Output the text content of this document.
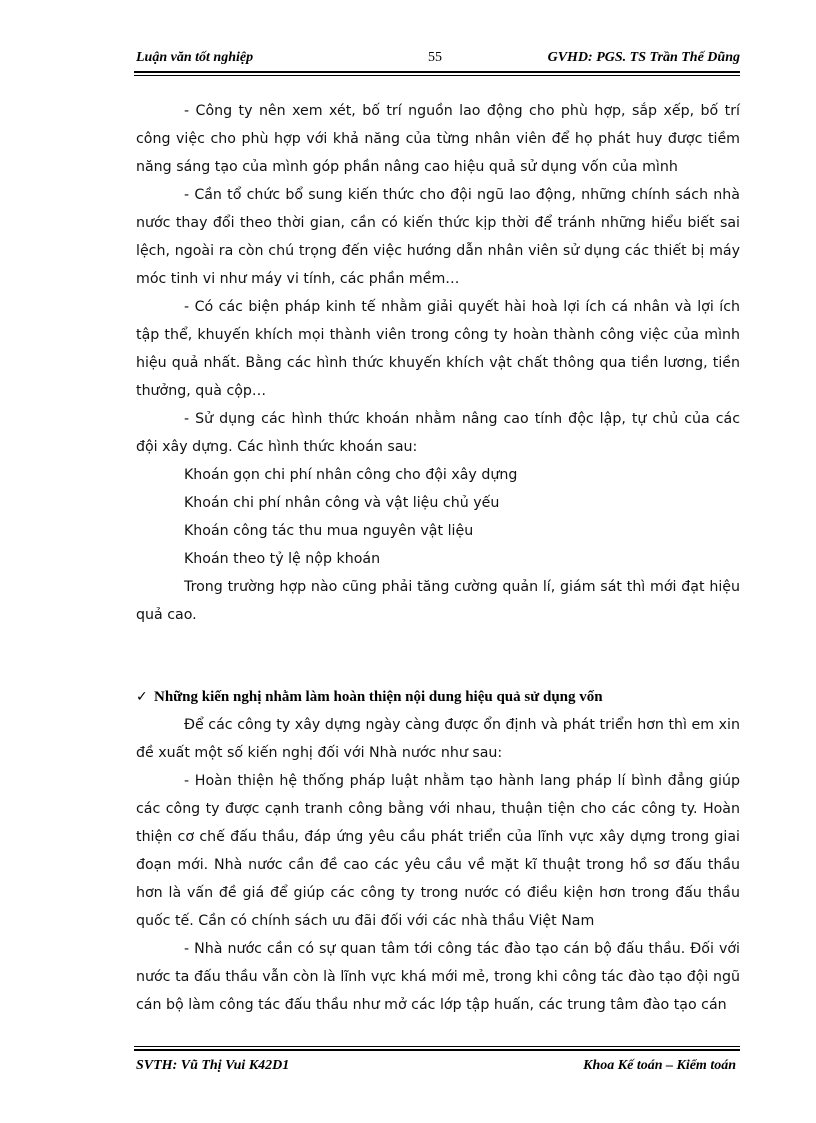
Luận văn tốt nghiệp	55	GVHD: PGS. TS Trần Thế Dũng

- Công ty nên xem xét, bố trí nguồn lao động cho phù hợp, sắp xếp, bố trí công việc cho phù hợp với khả năng của từng nhân viên để họ phát huy được tiềm năng sáng tạo của mình góp phần nâng cao hiệu quả sử dụng vốn của mình

- Cần tổ chức bổ sung kiến thức cho đội ngũ lao động, những chính sách nhà nước thay đổi theo thời gian, cần có kiến thức kịp thời để tránh những hiểu biết sai lệch, ngoài ra còn chú trọng đến việc hướng dẫn nhân viên sử dụng các thiết bị máy móc tinh vi như máy vi tính, các phần mềm…

- Có các biện pháp kinh tế nhằm giải quyết hài hoà lợi ích cá nhân và lợi ích tập thể, khuyến khích mọi thành viên trong công ty hoàn thành công việc của mình hiệu quả nhất. Bằng các hình thức khuyến khích vật chất thông qua tiền lương, tiền thưởng, quà cộp…

- Sử dụng các hình thức khoán nhằm nâng cao tính độc lập, tự chủ của các đội xây dựng. Các hình thức khoán sau:

Khoán gọn chi phí nhân công cho đội xây dựng

Khoán chi phí nhân công và vật liệu chủ yếu

Khoán công tác thu mua nguyên vật liệu

Khoán theo tỷ lệ nộp khoán

Trong trường hợp nào cũng phải tăng cường quản lí, giám sát thì mới đạt hiệu quả cao.

✓ Những kiến nghị nhằm làm hoàn thiện nội dung hiệu quả sử dụng vốn

Để các công ty xây dựng ngày càng được ổn định và phát triển hơn thì em xin đề xuất một số kiến nghị đối với Nhà nước như sau:

- Hoàn thiện hệ thống pháp luật nhằm tạo hành lang pháp lí bình đẳng giúp các công ty được cạnh tranh công bằng với nhau, thuận tiện cho các công ty. Hoàn thiện cơ chế đấu thầu, đáp ứng yêu cầu phát triển của lĩnh vực xây dựng trong giai đoạn mới. Nhà nước cần đề cao các yêu cầu về mặt kĩ thuật trong hồ sơ đấu thầu hơn là vấn đề giá để giúp các công ty trong nước có điều kiện hơn trong đấu thầu quốc tế. Cần có chính sách ưu đãi đối với các nhà thầu Việt Nam

- Nhà nước cần có sự quan tâm tới công tác đào tạo cán bộ đấu thầu. Đối với nước ta đấu thầu vẫn còn là lĩnh vực khá mới mẻ, trong khi công tác đào tạo đội ngũ cán bộ làm công tác đấu thầu như mở các lớp tập huấn, các trung tâm đào tạo cán

SVTH: Vũ Thị Vui K42D1	Khoa Kế toán – Kiểm toán
